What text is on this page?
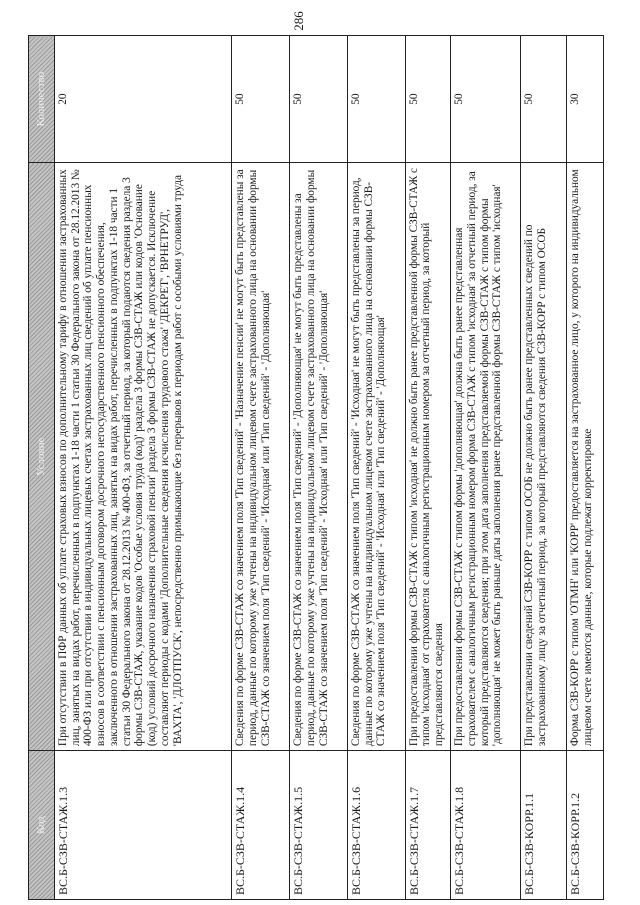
286
Код	Условие	Количество
ВС.Б-СЗВ-СТАЖ.1.3	При отсутствии в ПФР данных об уплате страховых взносов по дополнительному тарифу в отношении застрахованных лиц, занятых на видах работ, перечисленных в подпунктах 1-18 части 1 статьи 30 Федерального закона от 28.12.2013 № 400-ФЗ или при отсутствии в индивидуальных лицевых счетах застрахованных лиц сведений об уплате пенсионных взносов в соответствии с пенсионным договором досрочного негосударственного пенсионного обеспечения, заключенного в отношении застрахованных лиц, занятых на видах работ, перечисленных в подпунктах 1-18 части 1 статьи 30 Федерального закона от 28.12.2013 № 400-ФЗ, за отчетный период, за который подаются сведения раздела 3 формы СЗВ-СТАЖ, указание кодов 'Особые условия труда (код)' раздела 3 формы СЗВ-СТАЖ или кодов 'Основание (код) условий досрочного назначения страховой пенсии' раздела 3 формы СЗВ-СТАЖ не допускается. Исключение составляют периоды с кодами 'Дополнительные сведения исчисления трудового стажа' 'ДЕКРЕТ', 'ВРНЕТРУД', 'ВАХТА', 'ДЛОТПУСК', непосредственно примыкающие без перерывов к периодам работ с особыми условиями труда	20
ВС.Б-СЗВ-СТАЖ.1.4	Сведения по форме СЗВ-СТАЖ со значением поля 'Тип сведений' - 'Назначение пенсии' не могут быть представлены за период, данные по которому уже учтены на индивидуальном лицевом счете застрахованного лица на основании формы СЗВ-СТАЖ со значением поля 'Тип сведений' - 'Исходная' или 'Тип сведений' - 'Дополняющая'	50
ВС.Б-СЗВ-СТАЖ.1.5	Сведения по форме СЗВ-СТАЖ со значением поля 'Тип сведений' - 'Дополняющая' не могут быть представлены за период, данные по которому уже учтены на индивидуальном лицевом счете застрахованного лица на основании формы СЗВ-СТАЖ со значением поля 'Тип сведений' - 'Исходная' или 'Тип сведений' - 'Дополняющая'	50
ВС.Б-СЗВ-СТАЖ.1.6	Сведения по форме СЗВ-СТАЖ со значением поля 'Тип сведений' - 'Исходная' не могут быть представлены за период, данные по которому уже учтены на индивидуальном лицевом счете застрахованного лица на основании формы СЗВ-СТАЖ со значением поля 'Тип сведений' - 'Исходная' или 'Тип сведений' - 'Дополняющая'	50
ВС.Б-СЗВ-СТАЖ.1.7	При предоставлении формы СЗВ-СТАЖ с типом 'исходная' не должно быть ранее представленной формы СЗВ-СТАЖ с типом 'исходная' от страхователя с аналогичным регистрационным номером за отчетный период, за который представляются сведения	50
ВС.Б-СЗВ-СТАЖ.1.8	При предоставлении формы СЗВ-СТАЖ с типом формы 'дополняющая' должна быть ранее представленная страхователем с аналогичным регистрационным номером форма СЗВ-СТАЖ с типом 'исходная' за отчетный период, за который представляются сведения; при этом дата заполнения представляемой формы СЗВ-СТАЖ с типом формы 'дополняющая' не может быть раньше даты заполнения ранее представленной формы СЗВ-СТАЖ с типом 'исходная'	50
ВС.Б-СЗВ-КОРР.1.1	При представлении сведений СЗВ-КОРР с типом ОСОБ не должно быть ранее представленных сведений по застрахованному лицу за отчетный период, за который представляются сведения СЗВ-КОРР с типом ОСОБ	50
ВС.Б-СЗВ-КОРР.1.2	Форма СЗВ-КОРР с типом 'ОТМН' или 'КОРР' предоставляется на застрахованное лицо, у которого на индивидуальном лицевом счете имеются данные, которые подлежат корректировке	30
